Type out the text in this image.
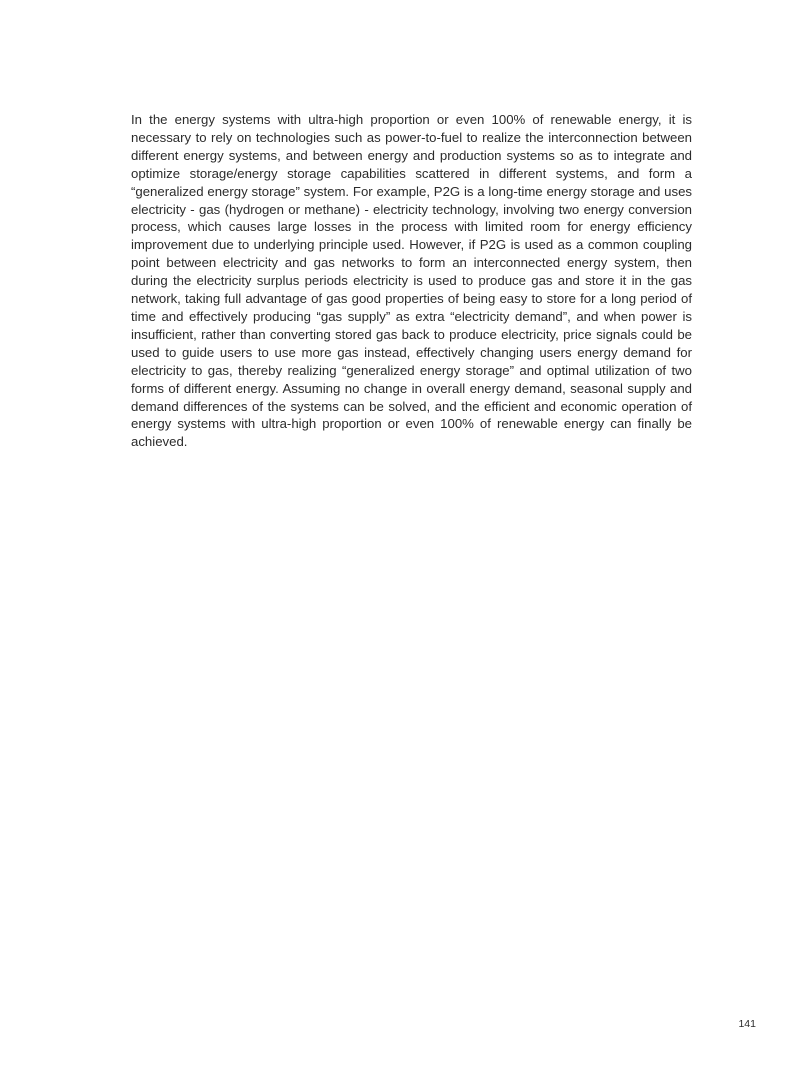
In the energy systems with ultra-high proportion or even 100% of renewable energy, it is necessary to rely on technologies such as power-to-fuel to realize the interconnection between different energy systems, and between energy and production systems so as to integrate and optimize storage/energy storage capabilities scattered in different systems, and form a “generalized energy storage” system. For example, P2G is a long-time energy storage and uses electricity - gas (hydrogen or methane) - electricity technology, involving two energy conversion process, which causes large losses in the process with limited room for energy efficiency improvement due to underlying principle used. However, if P2G is used as a common coupling point between electricity and gas networks to form an interconnected energy system, then during the electricity surplus periods electricity is used to produce gas and store it in the gas network, taking full advantage of gas good properties of being easy to store for a long period of time and effectively producing “gas supply” as extra “electricity demand”, and when power is insufficient, rather than converting stored gas back to produce electricity, price signals could be used to guide users to use more gas instead, effectively changing users energy demand for electricity to gas, thereby realizing “generalized energy storage” and optimal utilization of two forms of different energy. Assuming no change in overall energy demand, seasonal supply and demand differences of the systems can be solved, and the efficient and economic operation of energy systems with ultra-high proportion or even 100% of renewable energy can finally be achieved.

141
